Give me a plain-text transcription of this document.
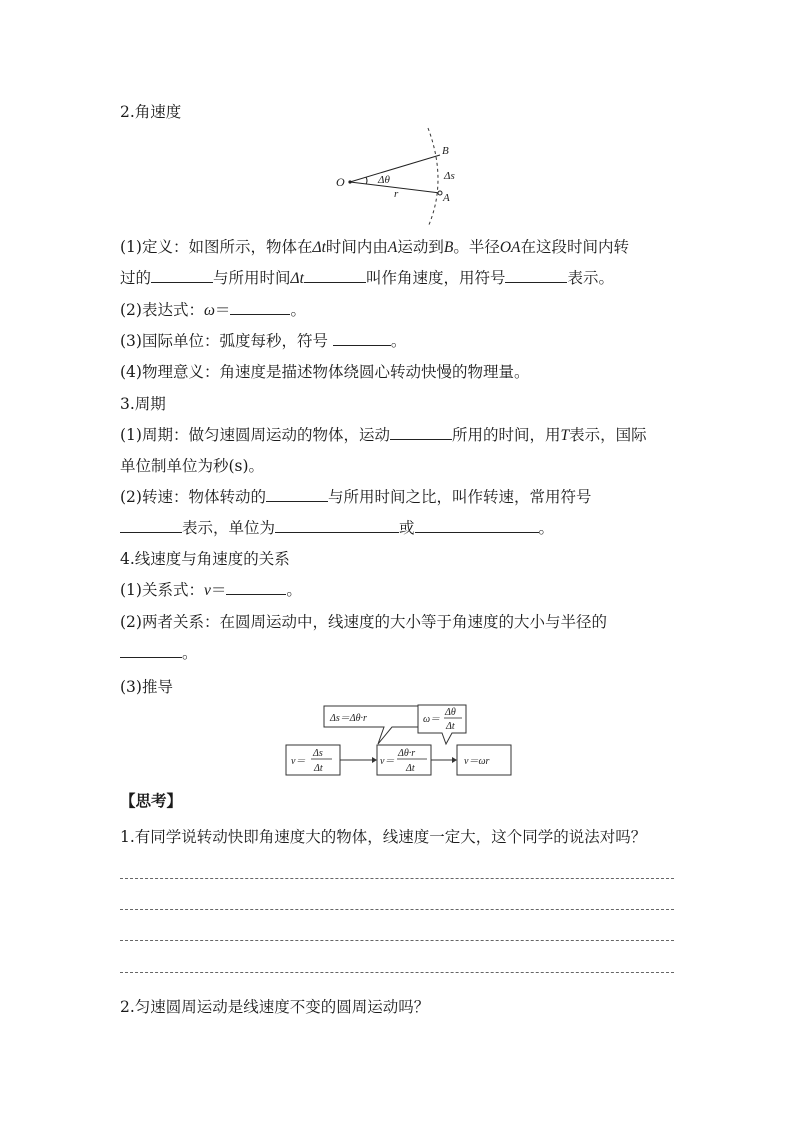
2.角速度
O
B
A
Δθ	Δs
r
(1)定义：如图所示，物体在Δt时间内由A运动到B。半径OA在这段时间内转
过的	与所用时间Δt	叫作角速度，用符号	表示。
(2)表达式：ω＝	。
(3)国际单位：弧度每秒，符号	。
(4)物理意义：角速度是描述物体绕圆心转动快慢的物理量。
3.周期
(1)周期：做匀速圆周运动的物体，运动	所用的时间，用T表示，国际
单位制单位为秒(s)。
(2)转速：物体转动的	与所用时间之比，叫作转速，常用符号
表示，单位为	或	。
4.线速度与角速度的关系
(1)关系式：v＝	。
(2)两者关系：在圆周运动中，线速度的大小等于角速度的大小与半径的
。
(3)推导
Δs＝Δθ·r	ω＝
Δθ
Δt
v＝
Δs
Δt
v＝
Δθ·r
Δt
v＝ωr
【思考】
1.有同学说转动快即角速度大的物体，线速度一定大，这个同学的说法对吗？
2.匀速圆周运动是线速度不变的圆周运动吗？
